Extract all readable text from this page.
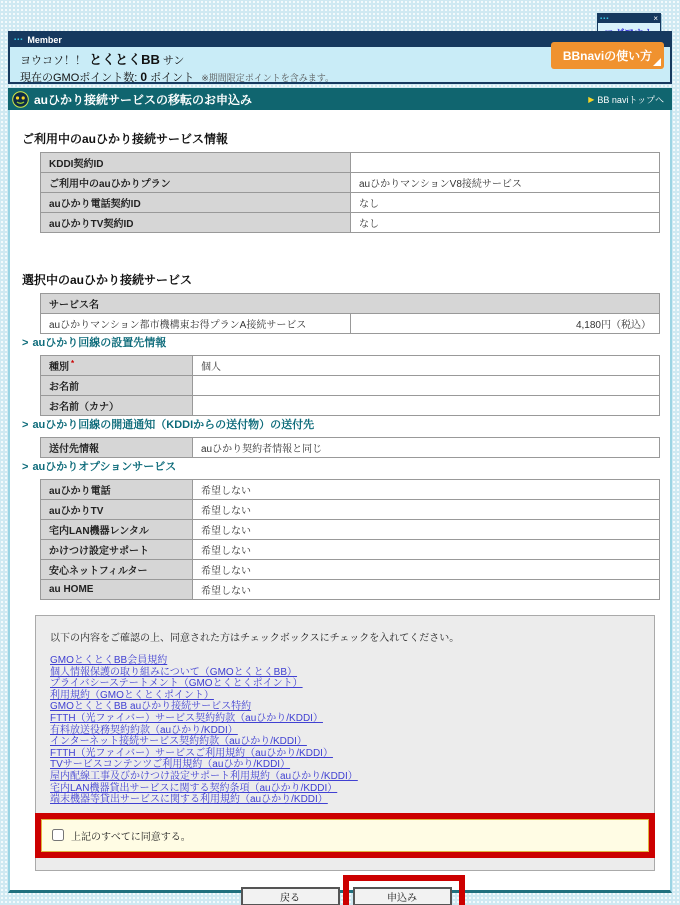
▪▪▪	×
▪▪▪ Member
ヨウコソ！！ とくとくBB サン
現在のGMOポイント数: 0 ポイント ※期間限定ポイントを含みます。
BBnaviの使い方
auひかり接続サービスの移転のお申込み	▶ BB naviトップへ
ご利用中のauひかり接続サービス情報
KDDI契約ID	
ご利用中のauひかりプラン	auひかりマンションV8接続サービス
auひかり電話契約ID	なし
auひかりTV契約ID	なし
選択中のauひかり接続サービス
サービス名
auひかりマンション都市機構東お得プランA接続サービス	4,180円（税込）
> auひかり回線の設置先情報
種別 *	個人
お名前	
お名前（カナ）	
> auひかり回線の開通通知（KDDIからの送付物）の送付先
送付先情報	auひかり契約者情報と同じ
> auひかりオプションサービス
auひかり電話	希望しない
auひかりTV	希望しない
宅内LAN機器レンタル	希望しない
かけつけ設定サポート	希望しない
安心ネットフィルター	希望しない
au HOME	希望しない

以下の内容をご確認の上、同意された方はチェックボックスにチェックを入れてください。

GMOとくとくBB会員規約
個人情報保護の取り組みについて（GMOとくとくBB）
プライバシーステートメント（GMOとくとくポイント）
利用規約（GMOとくとくポイント）
GMOとくとくBB auひかり接続サービス特約
FTTH（光ファイバー）サービス契約約款（auひかり/KDDI）
有料放送役務契約約款（auひかり/KDDI）
インターネット接続サービス契約約款（auひかり/KDDI）
FTTH（光ファイバー）サービスご利用規約（auひかり/KDDI）
TVサービスコンテンツご利用規約（auひかり/KDDI）
屋内配線工事及びかけつけ設定サポート利用規約（auひかり/KDDI）
宅内LAN機器貸出サービスに関する契約条項（auひかり/KDDI）
端末機器等貸出サービスに関する利用規約（auひかり/KDDI）
上記のすべてに同意する。
戻る	申込み
